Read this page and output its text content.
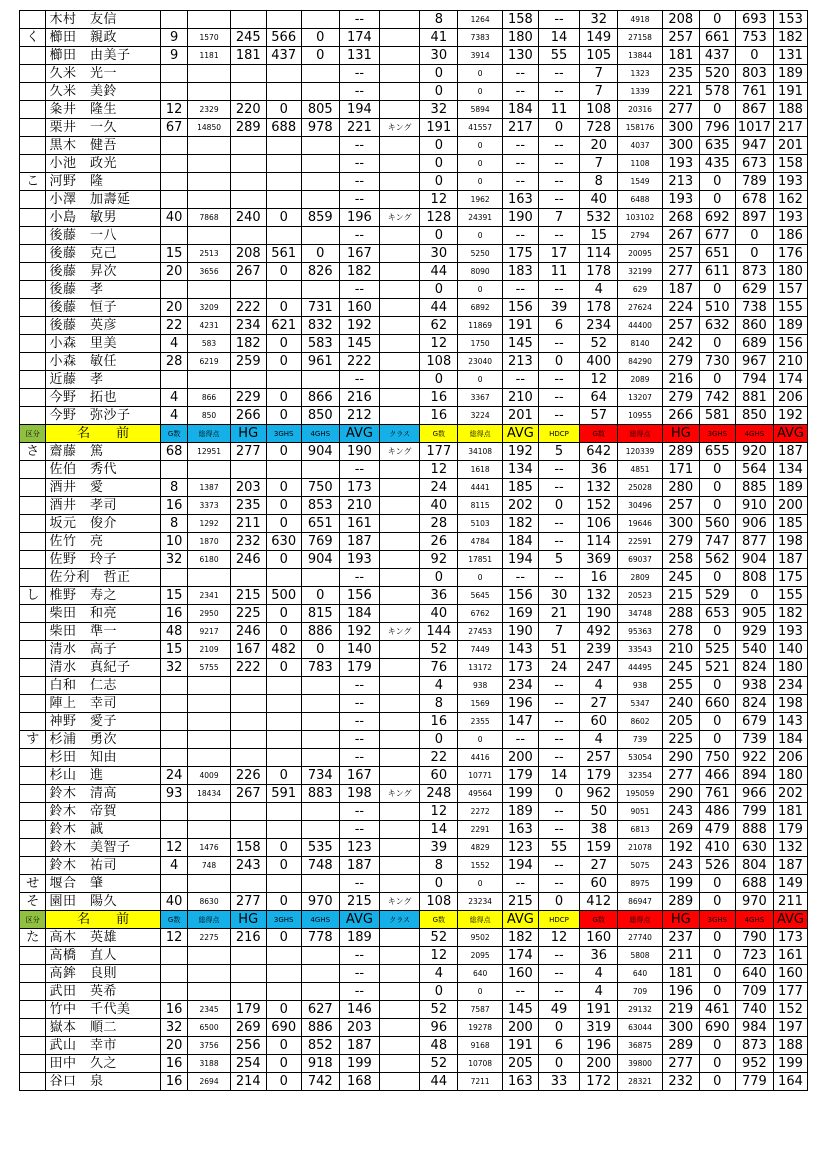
	木村　友信						--		8	1264	158	--	32	4918	208	0	693	153
く	櫛田　親政	9	1570	245	566	0	174		41	7383	180	14	149	27158	257	661	753	182
	櫛田　由美子	9	1181	181	437	0	131		30	3914	130	55	105	13844	181	437	0	131
	久米　光一						--		0	0	--	--	7	1323	235	520	803	189
	久米　美鈴						--		0	0	--	--	7	1339	221	578	761	191
	粂井　隆生	12	2329	220	0	805	194		32	5894	184	11	108	20316	277	0	867	188
	栗井　一久	67	14850	289	688	978	221	キング	191	41557	217	0	728	158176	300	796	1017	217
	黒木　健吾						--		0	0	--	--	20	4037	300	635	947	201
	小池　政光						--		0	0	--	--	7	1108	193	435	673	158
こ	河野　隆						--		0	0	--	--	8	1549	213	0	789	193
	小澤　加壽延						--		12	1962	163	--	40	6488	193	0	678	162
	小島　敏男	40	7868	240	0	859	196	キング	128	24391	190	7	532	103102	268	692	897	193
	後藤　一八						--		0	0	--	--	15	2794	267	677	0	186
	後藤　克己	15	2513	208	561	0	167		30	5250	175	17	114	20095	257	651	0	176
	後藤　昇次	20	3656	267	0	826	182		44	8090	183	11	178	32199	277	611	873	180
	後藤　孝						--		0	0	--	--	4	629	187	0	629	157
	後藤　恒子	20	3209	222	0	731	160		44	6892	156	39	178	27624	224	510	738	155
	後藤　英彦	22	4231	234	621	832	192		62	11869	191	6	234	44400	257	632	860	189
	小森　里美	4	583	182	0	583	145		12	1750	145	--	52	8140	242	0	689	156
	小森　敏任	28	6219	259	0	961	222		108	23040	213	0	400	84290	279	730	967	210
	近藤　孝						--		0	0	--	--	12	2089	216	0	794	174
	今野　拓也	4	866	229	0	866	216		16	3367	210	--	64	13207	279	742	881	206
	今野　弥沙子	4	850	266	0	850	212		16	3224	201	--	57	10955	266	581	850	192
区分	名　　前	G数	総得点	HG	3GHS	4GHS	AVG	クラス	G数	総得点	AVG	HDCP	G数	総得点	HG	3GHS	4GHS	AVG
さ	齋藤　篤	68	12951	277	0	904	190	キング	177	34108	192	5	642	120339	289	655	920	187
	佐伯　秀代						--		12	1618	134	--	36	4851	171	0	564	134
	酒井　愛	8	1387	203	0	750	173		24	4441	185	--	132	25028	280	0	885	189
	酒井　孝司	16	3373	235	0	853	210		40	8115	202	0	152	30496	257	0	910	200
	坂元　俊介	8	1292	211	0	651	161		28	5103	182	--	106	19646	300	560	906	185
	佐竹　亮	10	1870	232	630	769	187		26	4784	184	--	114	22591	279	747	877	198
	佐野　玲子	32	6180	246	0	904	193		92	17851	194	5	369	69037	258	562	904	187
	佐分利　哲正						--		0	0	--	--	16	2809	245	0	808	175
し	椎野　寿之	15	2341	215	500	0	156		36	5645	156	30	132	20523	215	529	0	155
	柴田　和亮	16	2950	225	0	815	184		40	6762	169	21	190	34748	288	653	905	182
	柴田　準一	48	9217	246	0	886	192	キング	144	27453	190	7	492	95363	278	0	929	193
	清水　高子	15	2109	167	482	0	140		52	7449	143	51	239	33543	210	525	540	140
	清水　真紀子	32	5755	222	0	783	179		76	13172	173	24	247	44495	245	521	824	180
	白和　仁志						--		4	938	234	--	4	938	255	0	938	234
	陣上　幸司						--		8	1569	196	--	27	5347	240	660	824	198
	神野　愛子						--		16	2355	147	--	60	8602	205	0	679	143
す	杉浦　勇次						--		0	0	--	--	4	739	225	0	739	184
	杉田　知由						--		22	4416	200	--	257	53054	290	750	922	206
	杉山　進	24	4009	226	0	734	167		60	10771	179	14	179	32354	277	466	894	180
	鈴木　清高	93	18434	267	591	883	198	キング	248	49564	199	0	962	195059	290	761	966	202
	鈴木　帝賀						--		12	2272	189	--	50	9051	243	486	799	181
	鈴木　誠						--		14	2291	163	--	38	6813	269	479	888	179
	鈴木　美智子	12	1476	158	0	535	123		39	4829	123	55	159	21078	192	410	630	132
	鈴木　祐司	4	748	243	0	748	187		8	1552	194	--	27	5075	243	526	804	187
せ	堰合　肇						--		0	0	--	--	60	8975	199	0	688	149
そ	園田　陽久	40	8630	277	0	970	215	キング	108	23234	215	0	412	86947	289	0	970	211
区分	名　　前	G数	総得点	HG	3GHS	4GHS	AVG	クラス	G数	総得点	AVG	HDCP	G数	総得点	HG	3GHS	4GHS	AVG
た	高木　英雄	12	2275	216	0	778	189		52	9502	182	12	160	27740	237	0	790	173
	高橋　直人						--		12	2095	174	--	36	5808	211	0	723	161
	高鉾　良則						--		4	640	160	--	4	640	181	0	640	160
	武田　英希						--		0	0	--	--	4	709	196	0	709	177
	竹中　千代美	16	2345	179	0	627	146		52	7587	145	49	191	29132	219	461	740	152
	嶽本　順二	32	6500	269	690	886	203		96	19278	200	0	319	63044	300	690	984	197
	武山　幸市	20	3756	256	0	852	187		48	9168	191	6	196	36875	289	0	873	188
	田中　久之	16	3188	254	0	918	199		52	10708	205	0	200	39800	277	0	952	199
	谷口　泉	16	2694	214	0	742	168		44	7211	163	33	172	28321	232	0	779	164
